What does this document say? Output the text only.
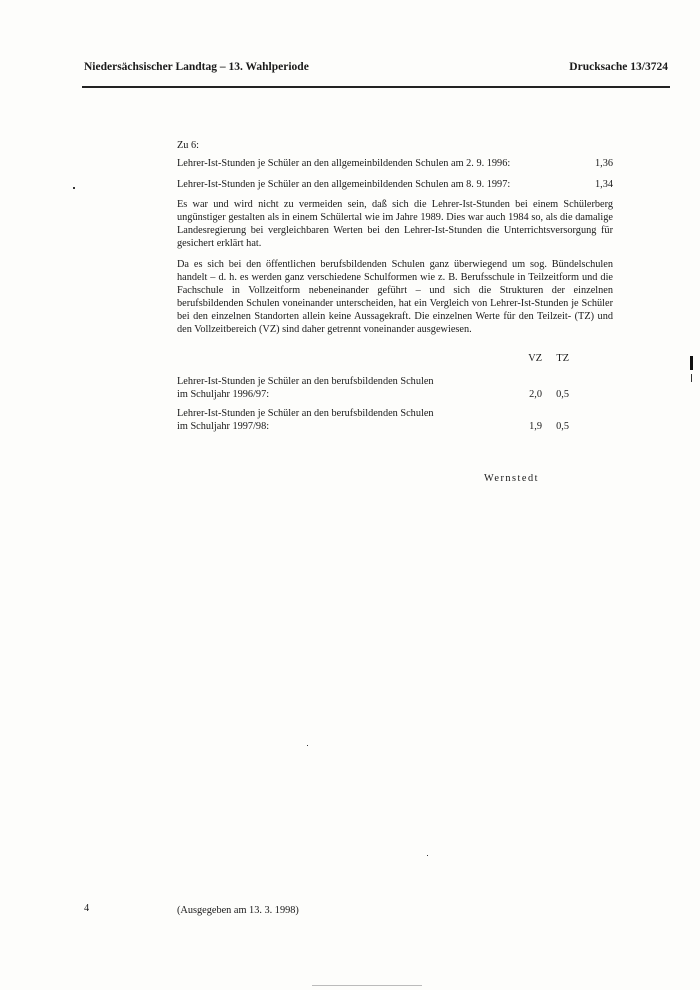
Niedersächsischer Landtag – 13. Wahlperiode	Drucksache 13/3724
Zu 6:
Lehrer-Ist-Stunden je Schüler an den allgemeinbildenden Schulen am 2. 9. 1996:	1,36
Lehrer-Ist-Stunden je Schüler an den allgemeinbildenden Schulen am 8. 9. 1997:	1,34
Es war und wird nicht zu vermeiden sein, daß sich die Lehrer-Ist-Stunden bei einem Schülerberg ungünstiger gestalten als in einem Schülertal wie im Jahre 1989. Dies war auch 1984 so, als die damalige Landesregierung bei vergleichbaren Werten bei den Lehrer-Ist-Stunden die Unterrichtsversorgung für gesichert erklärt hat.
Da es sich bei den öffentlichen berufsbildenden Schulen ganz überwiegend um sog. Bündelschulen handelt – d. h. es werden ganz verschiedene Schulformen wie z. B. Berufsschule in Teilzeitform und die Fachschule in Vollzeitform nebeneinander geführt – und sich die Strukturen der einzelnen berufsbildenden Schulen voneinander unterscheiden, hat ein Vergleich von Lehrer-Ist-Stunden je Schüler bei den einzelnen Standorten allein keine Aussagekraft. Die einzelnen Werte für den Teilzeit- (TZ) und den Vollzeitbereich (VZ) sind daher getrennt voneinander ausgewiesen.
VZ	TZ
Lehrer-Ist-Stunden je Schüler an den berufsbildenden Schulen
im Schuljahr 1996/97:	2,0	0,5
Lehrer-Ist-Stunden je Schüler an den berufsbildenden Schulen
im Schuljahr 1997/98:	1,9	0,5
Wernstedt
4	(Ausgegeben am 13. 3. 1998)
